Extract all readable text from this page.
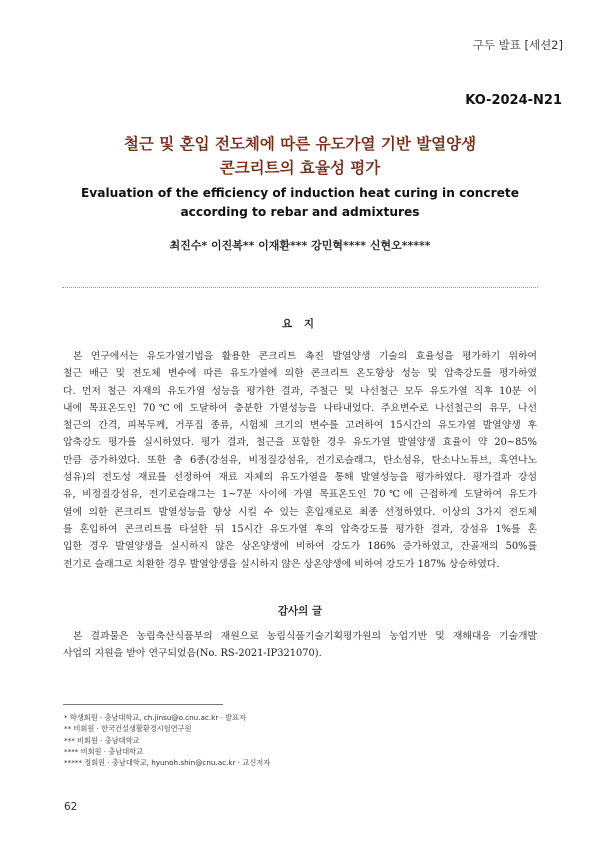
구두 발표 [세션2]
KO-2024-N21
철근 및 혼입 전도체에 따른 유도가열 기반 발열양생
콘크리트의 효율성 평가
Evaluation of the efficiency of induction heat curing in concrete
according to rebar and admixtures
최진수* 이진복** 이재환*** 강민혁**** 신현오*****
요 지
본 연구에서는 유도가열기법을 활용한 콘크리트 촉진 발열양생 기술의 효율성을 평가하기 위하여
철근 배근 및 전도체 변수에 따른 유도가열에 의한 콘크리트 온도향상 성능 및 압축강도를 평가하였
다. 먼저 철근 자재의 유도가열 성능을 평가한 결과, 주철근 및 나선철근 모두 유도가열 직후 10분 이
내에 목표온도인 70℃에 도달하여 충분한 가열성능을 나타내었다. 주요변수로 나선철근의 유무, 나선
철근의 간격, 피복두께, 거푸집 종류, 시험체 크기의 변수를 고려하여 15시간의 유도가열 발열양생 후
압축강도 평가를 실시하였다. 평가 결과, 철근을 포함한 경우 유도가열 발열양생 효율이 약 20~85%
만큼 증가하였다. 또한 총 6종(강섬유, 비정질강섬유, 전기로슬래그, 탄소섬유, 탄소나노튜브, 흑연나노
섬유)의 전도성 재료를 선정하여 재료 자체의 유도가열을 통해 발열성능을 평가하였다. 평가결과 강섬
유, 비정질강섬유, 전기로슬래그는 1~7분 사이에 가열 목표온도인 70℃에 근접하게 도달하여 유도가
열에 의한 콘크리트 발열성능을 향상 시킬 수 있는 혼입재로로 최종 선정하였다. 이상의 3가지 전도체
를 혼입하여 콘크리트를 타설한 뒤 15시간 유도가열 후의 압축강도를 평가한 결과, 강섬유 1%를 혼
입한 경우 발열양생을 실시하지 않은 상온양생에 비하여 강도가 186% 증가하였고, 잔골재의 50%를
전기로 슬래그로 치환한 경우 발열양생을 실시하지 않은 상온양생에 비하여 강도가 187% 상승하였다.
감사의 글
본 결과물은 농림축산식품부의 재원으로 농림식품기술기획평가원의 농업기반 및 재해대응 기술개발
사업의 지원을 받아 연구되었음(No. RS-2021-IP321070).
* 학생회원 · 충남대학교, ch.jinsu@o.cnu.ac.kr · 발표자
** 비회원 · 한국건설생활환경시험연구원
*** 비회원 · 충남대학교
**** 비회원 · 충남대학교
***** 정회원 · 충남대학교, hyunoh.shin@cnu.ac.kr · 교신저자
62
